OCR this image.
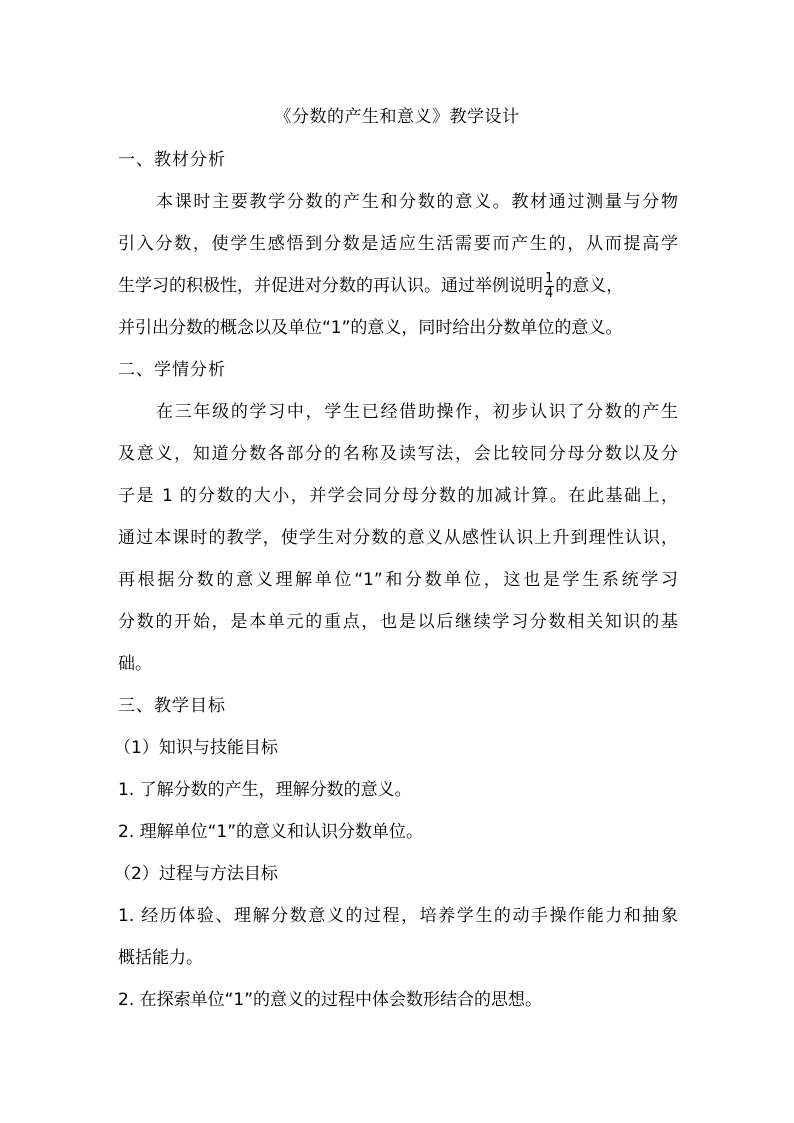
《分数的产生和意义》教学设计
一、教材分析
本课时主要教学分数的产生和分数的意义。教材通过测量与分物
引入分数，使学生感悟到分数是适应生活需要而产生的，从而提高学
生学习的积极性，并促进对分数的再认识。通过举例说明 $\frac{1}{4}$ 的意义，
并引出分数的概念以及单位“1”的意义，同时给出分数单位的意义。
二、学情分析
在三年级的学习中，学生已经借助操作，初步认识了分数的产生
及意义，知道分数各部分的名称及读写法，会比较同分母分数以及分
子是 1 的分数的大小，并学会同分母分数的加减计算。在此基础上，
通过本课时的教学，使学生对分数的意义从感性认识上升到理性认识，
再根据分数的意义理解单位“1”和分数单位，这也是学生系统学习
分数的开始，是本单元的重点，也是以后继续学习分数相关知识的基
础。
三、教学目标
（1）知识与技能目标
1. 了解分数的产生，理解分数的意义。
2. 理解单位“1”的意义和认识分数单位。
（2）过程与方法目标
1. 经历体验、理解分数意义的过程，培养学生的动手操作能力和抽象
概括能力。
2. 在探索单位“1”的意义的过程中体会数形结合的思想。
